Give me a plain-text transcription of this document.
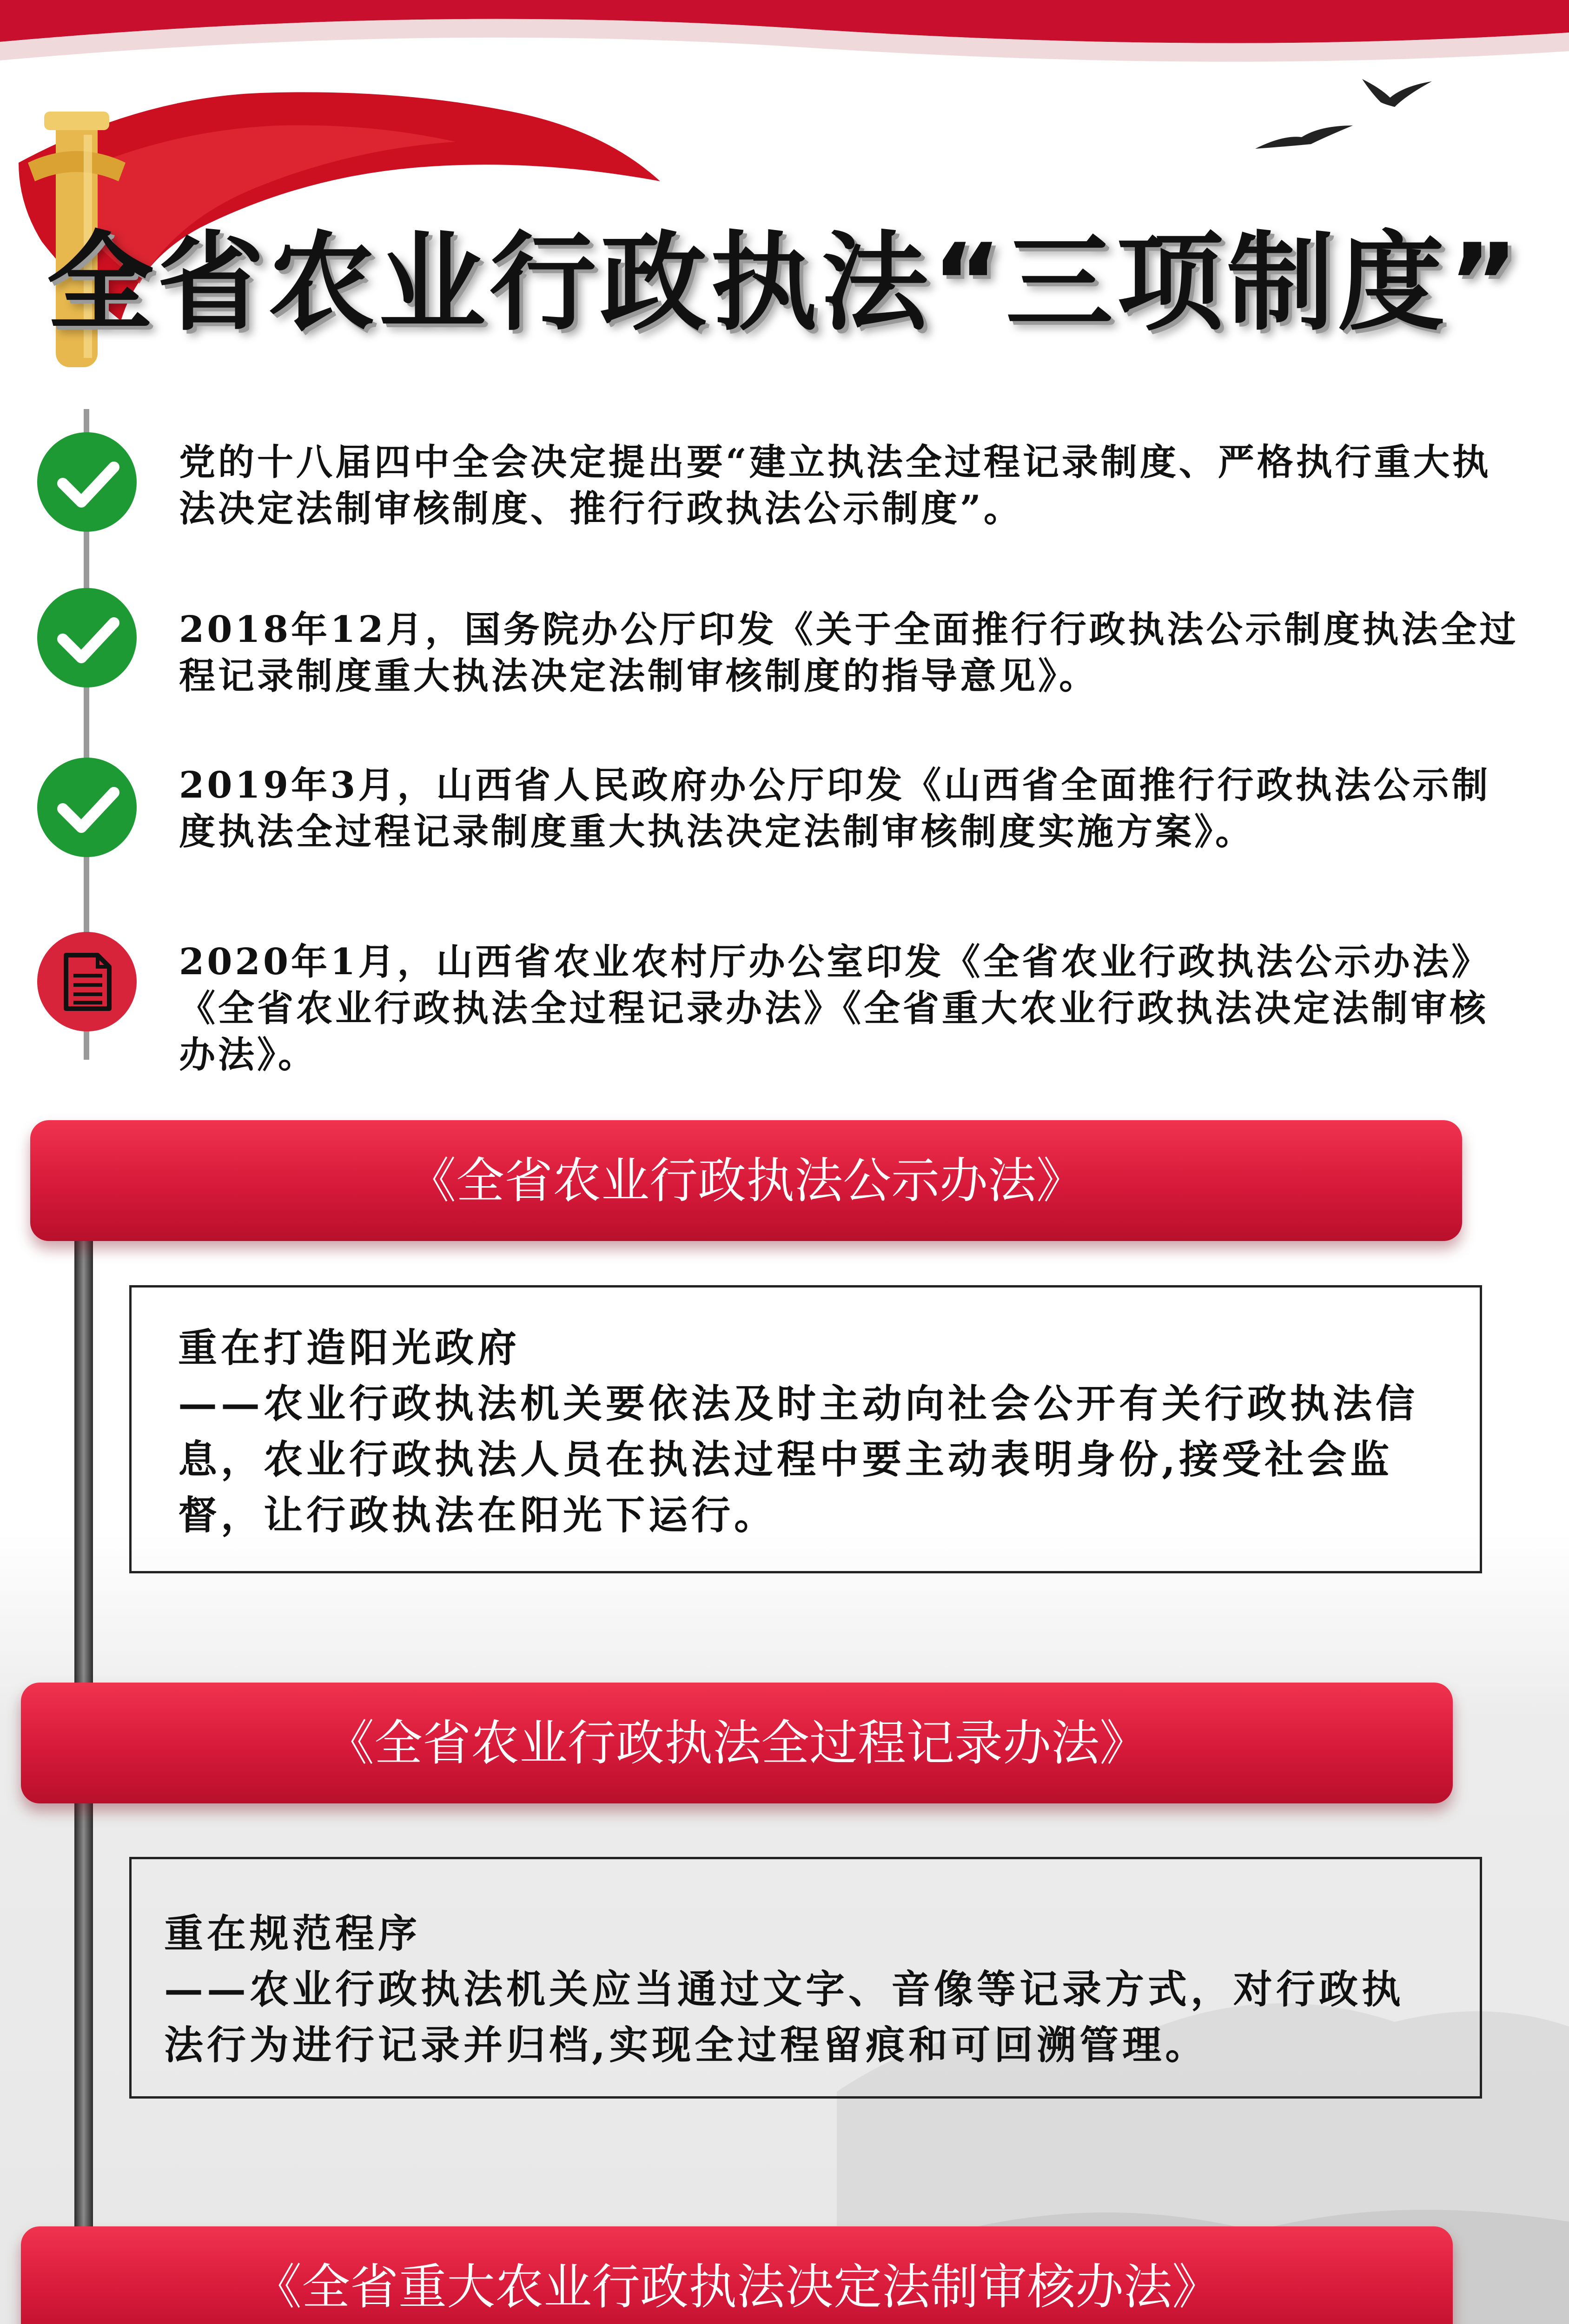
全省农业行政执法“三项制度”
党的十八届四中全会决定提出要“建立执法全过程记录制度、严格执行重大执法决定法制审核制度、推行行政执法公示制度”。
2018年12月，国务院办公厅印发《关于全面推行行政执法公示制度执法全过程记录制度重大执法决定法制审核制度的指导意见》。
2019年3月，山西省人民政府办公厅印发《山西省全面推行行政执法公示制度执法全过程记录制度重大执法决定法制审核制度实施方案》。
2020年1月，山西省农业农村厅办公室印发《全省农业行政执法公示办法》《全省农业行政执法全过程记录办法》《全省重大农业行政执法决定法制审核办法》。
《全省农业行政执法公示办法》
重在打造阳光政府
——农业行政执法机关要依法及时主动向社会公开有关行政执法信息，农业行政执法人员在执法过程中要主动表明身份,接受社会监督，让行政执法在阳光下运行。
《全省农业行政执法全过程记录办法》
重在规范程序
——农业行政执法机关应当通过文字、音像等记录方式，对行政执法行为进行记录并归档,实现全过程留痕和可回溯管理。
《全省重大农业行政执法决定法制审核办法》
